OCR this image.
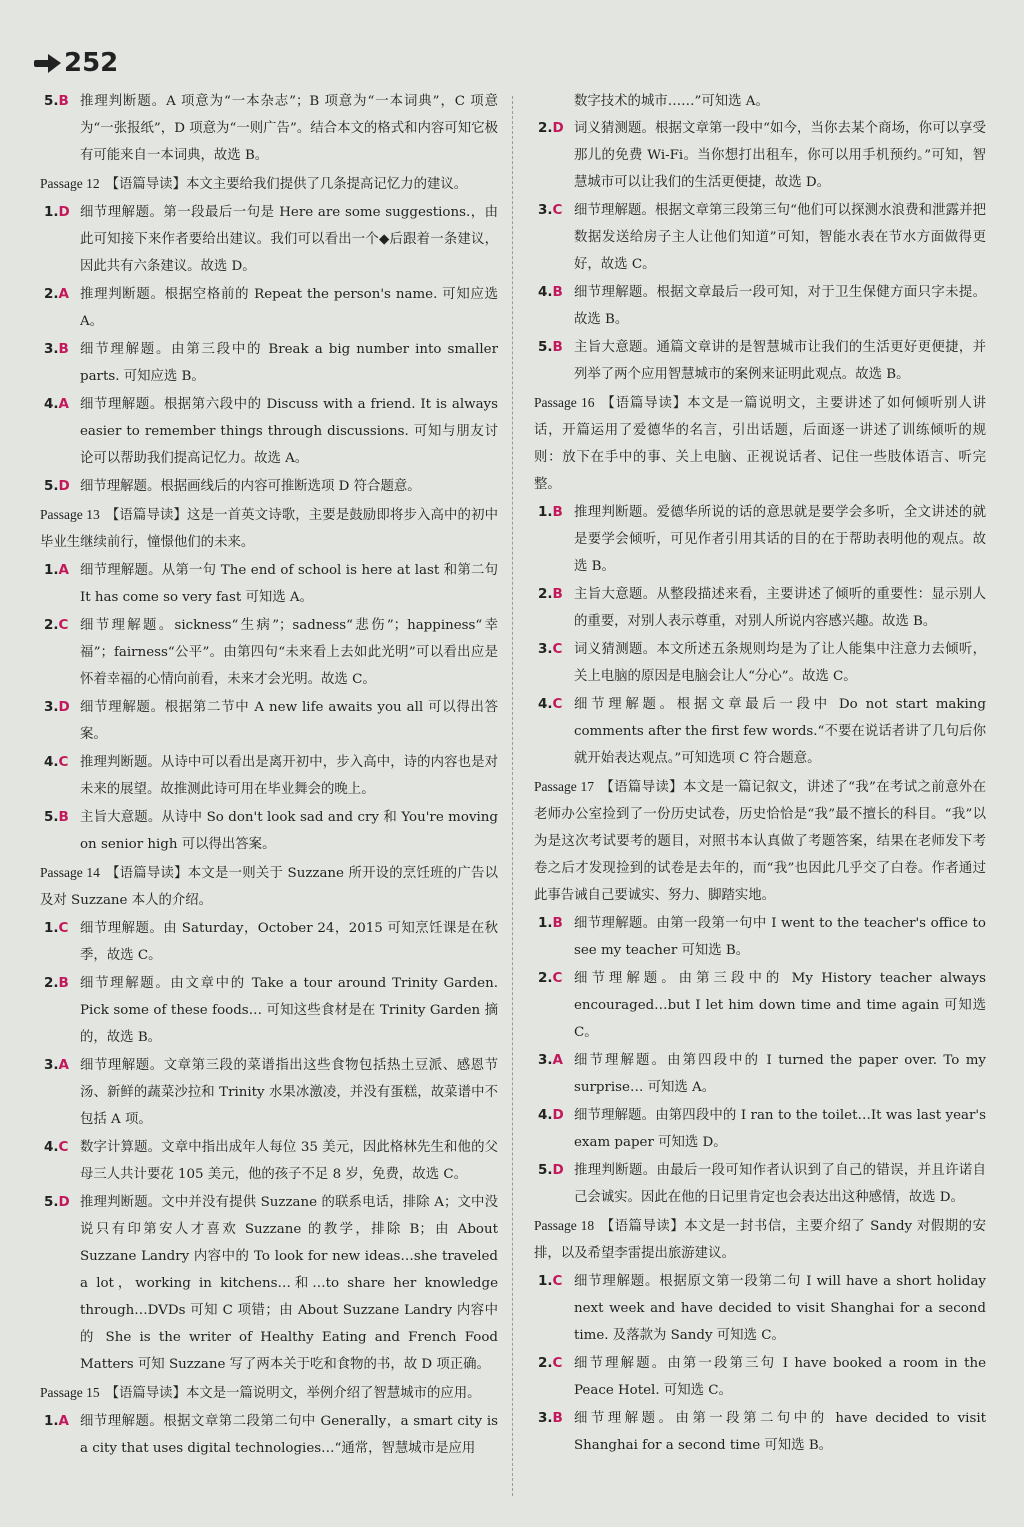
252
5.B 推理判断题。A 项意为“一本杂志”；B 项意为“一本词典”，C 项意为“一张报纸”，D 项意为“一则广告”。结合本文的格式和内容可知它极有可能来自一本词典，故选 B。
Passage 12 【语篇导读】本文主要给我们提供了几条提高记忆力的建议。
1.D 细节理解题。第一段最后一句是 Here are some suggestions.，由此可知接下来作者要给出建议。我们可以看出一个◆后跟着一条建议，因此共有六条建议。故选 D。
2.A 推理判断题。根据空格前的 Repeat the person's name. 可知应选 A。
3.B 细节理解题。由第三段中的 Break a big number into smaller parts. 可知应选 B。
4.A 细节理解题。根据第六段中的 Discuss with a friend. It is always easier to remember things through discussions. 可知与朋友讨论可以帮助我们提高记忆力。故选 A。
5.D 细节理解题。根据画线后的内容可推断选项 D 符合题意。
Passage 13 【语篇导读】这是一首英文诗歌，主要是鼓励即将步入高中的初中毕业生继续前行，憧憬他们的未来。
1.A 细节理解题。从第一句 The end of school is here at last 和第二句 It has come so very fast 可知选 A。
2.C 细节理解题。sickness“生病”；sadness“悲伤”；happiness“幸福”；fairness“公平”。由第四句“未来看上去如此光明”可以看出应是怀着幸福的心情向前看，未来才会光明。故选 C。
3.D 细节理解题。根据第二节中 A new life awaits you all 可以得出答案。
4.C 推理判断题。从诗中可以看出是离开初中，步入高中，诗的内容也是对未来的展望。故推测此诗可用在毕业舞会的晚上。
5.B 主旨大意题。从诗中 So don't look sad and cry 和 You're moving on senior high 可以得出答案。
Passage 14 【语篇导读】本文是一则关于 Suzzane 所开设的烹饪班的广告以及对 Suzzane 本人的介绍。
1.C 细节理解题。由 Saturday，October 24，2015 可知烹饪课是在秋季，故选 C。
2.B 细节理解题。由文章中的 Take a tour around Trinity Garden. Pick some of these foods… 可知这些食材是在 Trinity Garden 摘的，故选 B。
3.A 细节理解题。文章第三段的菜谱指出这些食物包括热土豆派、感恩节汤、新鲜的蔬菜沙拉和 Trinity 水果冰激凌，并没有蛋糕，故菜谱中不包括 A 项。
4.C 数字计算题。文章中指出成年人每位 35 美元，因此格林先生和他的父母三人共计要花 105 美元，他的孩子不足 8 岁，免费，故选 C。
5.D 推理判断题。文中并没有提供 Suzzane 的联系电话，排除 A；文中没说只有印第安人才喜欢 Suzzane 的教学，排除 B；由 About Suzzane Landry 内容中的 To look for new ideas…she traveled a lot，working in kitchens…和…to share her knowledge through…DVDs 可知 C 项错；由 About Suzzane Landry 内容中的 She is the writer of Healthy Eating and French Food Matters 可知 Suzzane 写了两本关于吃和食物的书，故 D 项正确。
Passage 15 【语篇导读】本文是一篇说明文，举例介绍了智慧城市的应用。
1.A 细节理解题。根据文章第二段第二句中 Generally，a smart city is a city that uses digital technologies…“通常，智慧城市是应用
数字技术的城市……”可知选 A。
2.D 词义猜测题。根据文章第一段中“如今，当你去某个商场，你可以享受那儿的免费 Wi-Fi。当你想打出租车，你可以用手机预约。”可知，智慧城市可以让我们的生活更便捷，故选 D。
3.C 细节理解题。根据文章第三段第三句“他们可以探测水浪费和泄露并把数据发送给房子主人让他们知道”可知，智能水表在节水方面做得更好，故选 C。
4.B 细节理解题。根据文章最后一段可知，对于卫生保健方面只字未提。故选 B。
5.B 主旨大意题。通篇文章讲的是智慧城市让我们的生活更好更便捷，并列举了两个应用智慧城市的案例来证明此观点。故选 B。
Passage 16 【语篇导读】本文是一篇说明文，主要讲述了如何倾听别人讲话，开篇运用了爱德华的名言，引出话题，后面逐一讲述了训练倾听的规则：放下在手中的事、关上电脑、正视说话者、记住一些肢体语言、听完整。
1.B 推理判断题。爱德华所说的话的意思就是要学会多听，全文讲述的就是要学会倾听，可见作者引用其话的目的在于帮助表明他的观点。故选 B。
2.B 主旨大意题。从整段描述来看，主要讲述了倾听的重要性：显示别人的重要，对别人表示尊重，对别人所说内容感兴趣。故选 B。
3.C 词义猜测题。本文所述五条规则均是为了让人能集中注意力去倾听，关上电脑的原因是电脑会让人“分心”。故选 C。
4.C 细节理解题。根据文章最后一段中 Do not start making comments after the first few words.“不要在说话者讲了几句后你就开始表达观点。”可知选项 C 符合题意。
Passage 17 【语篇导读】本文是一篇记叙文，讲述了“我”在考试之前意外在老师办公室捡到了一份历史试卷，历史恰恰是“我”最不擅长的科目。“我”以为是这次考试要考的题目，对照书本认真做了考题答案，结果在老师发下考卷之后才发现捡到的试卷是去年的，而“我”也因此几乎交了白卷。作者通过此事告诫自己要诚实、努力、脚踏实地。
1.B 细节理解题。由第一段第一句中 I went to the teacher's office to see my teacher 可知选 B。
2.C 细节理解题。由第三段中的 My History teacher always encouraged…but I let him down time and time again 可知选 C。
3.A 细节理解题。由第四段中的 I turned the paper over. To my surprise… 可知选 A。
4.D 细节理解题。由第四段中的 I ran to the toilet…It was last year's exam paper 可知选 D。
5.D 推理判断题。由最后一段可知作者认识到了自己的错误，并且许诺自己会诚实。因此在他的日记里肯定也会表达出这种感情，故选 D。
Passage 18 【语篇导读】本文是一封书信，主要介绍了 Sandy 对假期的安排，以及希望李雷提出旅游建议。
1.C 细节理解题。根据原文第一段第二句 I will have a short holiday next week and have decided to visit Shanghai for a second time. 及落款为 Sandy 可知选 C。
2.C 细节理解题。由第一段第三句 I have booked a room in the Peace Hotel. 可知选 C。
3.B 细节理解题。由第一段第二句中的 have decided to visit Shanghai for a second time 可知选 B。
